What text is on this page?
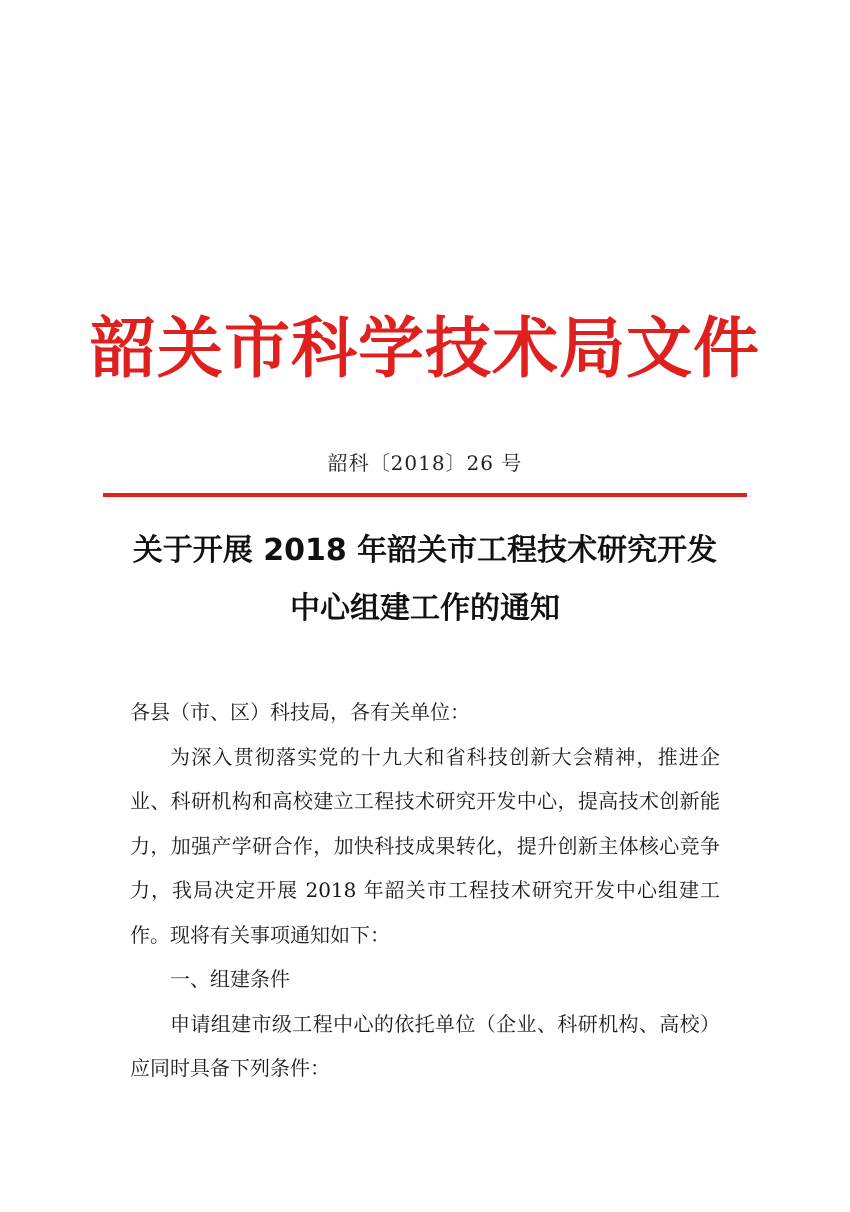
韶关市科学技术局文件
韶科〔2018〕26 号
关于开展 2018 年韶关市工程技术研究开发
中心组建工作的通知

各县（市、区）科技局，各有关单位：

为深入贯彻落实党的十九大和省科技创新大会精神，推进企业、科研机构和高校建立工程技术研究开发中心，提高技术创新能力，加强产学研合作，加快科技成果转化，提升创新主体核心竞争力，我局决定开展 2018 年韶关市工程技术研究开发中心组建工作。现将有关事项通知如下：

一、组建条件

申请组建市级工程中心的依托单位（企业、科研机构、高校）应同时具备下列条件：
